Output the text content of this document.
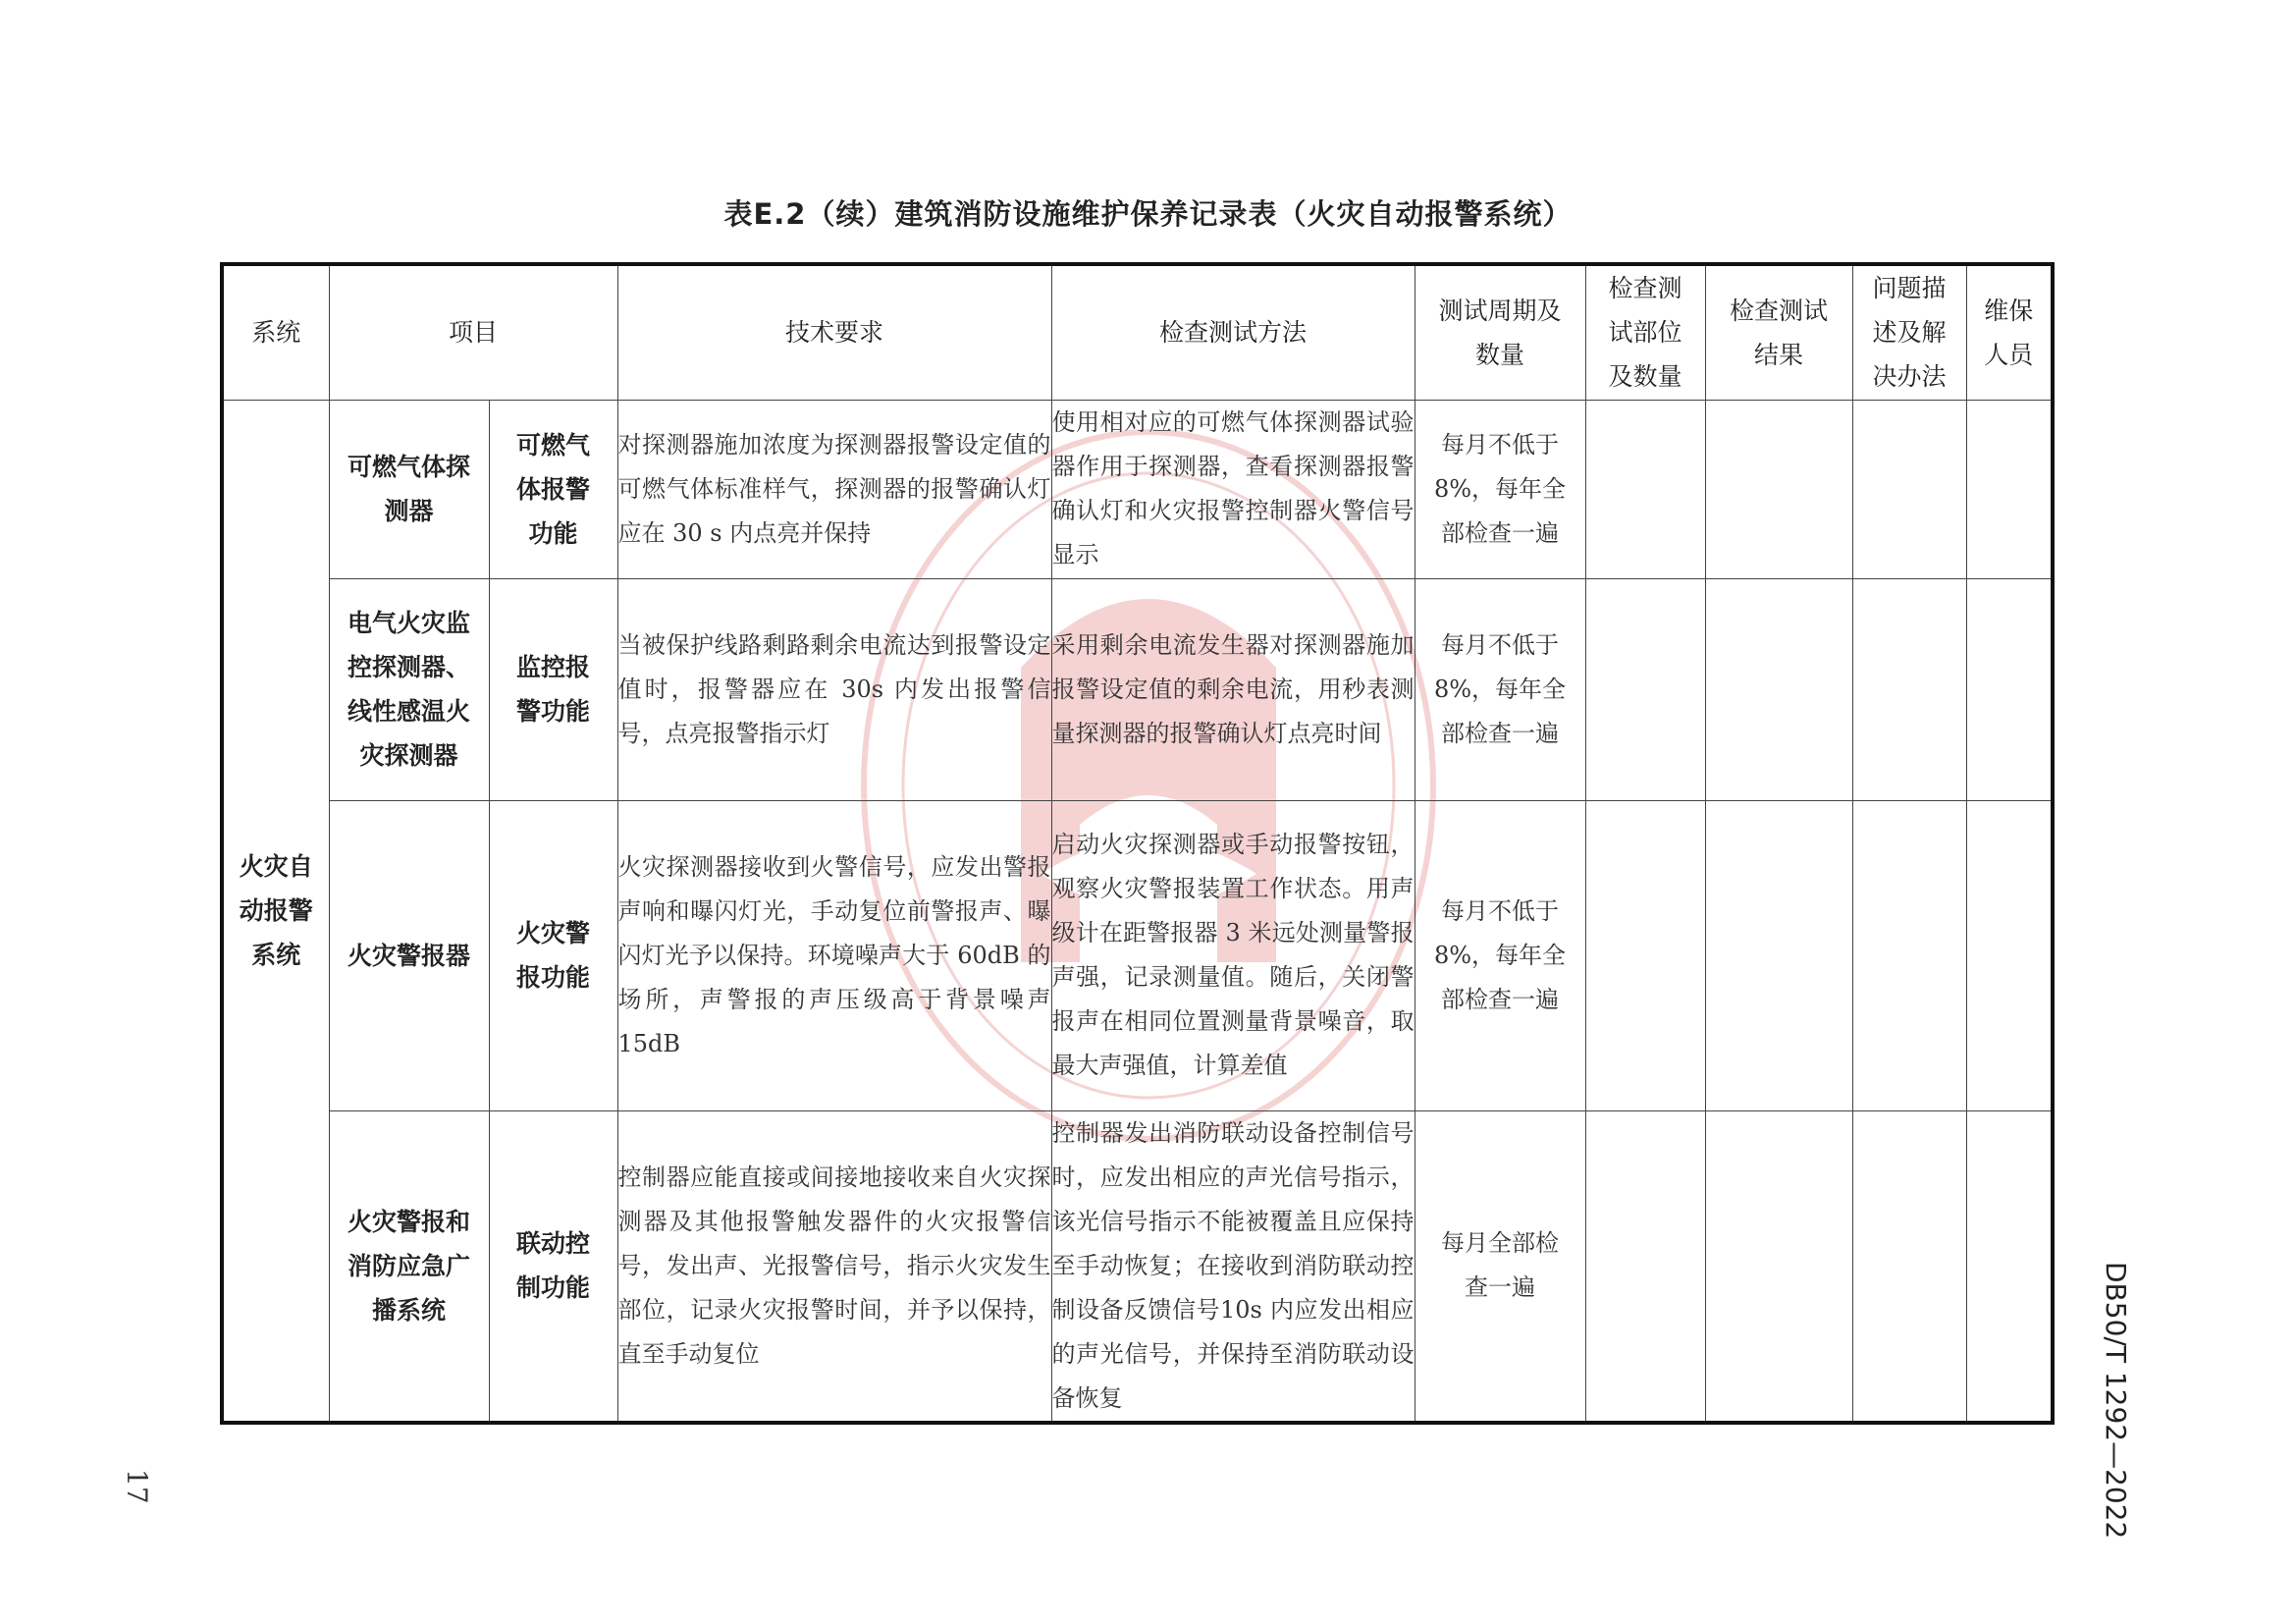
表E.2（续）建筑消防设施维护保养记录表（火灾自动报警系统）
系统	项目		技术要求	检查测试方法	测试周期及数量	检查测试部位及数量	检查测试结果	问题描述及解决办法	维保人员
火灾自动报警系统	可燃气体探测器	可燃气体报警功能	对探测器施加浓度为探测器报警设定值的可燃气体标准样气，探测器的报警确认灯应在 30 s 内点亮并保持	使用相对应的可燃气体探测器试验器作用于探测器，查看探测器报警确认灯和火灾报警控制器火警信号显示	每月不低于8%，每年全部检查一遍				
	电气火灾监控探测器、线性感温火灾探测器	监控报警功能	当被保护线路剩路剩余电流达到报警设定值时，报警器应在 30s 内发出报警信号，点亮报警指示灯	采用剩余电流发生器对探测器施加报警设定值的剩余电流，用秒表测量探测器的报警确认灯点亮时间	每月不低于8%，每年全部检查一遍				
	火灾警报器	火灾警报功能	火灾探测器接收到火警信号，应发出警报声响和曝闪灯光，手动复位前警报声、曝闪灯光予以保持。环境噪声大于 60dB 的场所，声警报的声压级高于背景噪声 15dB	启动火灾探测器或手动报警按钮，观察火灾警报装置工作状态。用声级计在距警报器 3 米远处测量警报声强，记录测量值。随后，关闭警报声在相同位置测量背景噪音，取最大声强值，计算差值	每月不低于8%，每年全部检查一遍				
	火灾警报和消防应急广播系统	联动控制功能	控制器应能直接或间接地接收来自火灾探测器及其他报警触发器件的火灾报警信号，发出声、光报警信号，指示火灾发生部位，记录火灾报警时间，并予以保持，直至手动复位	控制器发出消防联动设备控制信号时，应发出相应的声光信号指示，该光信号指示不能被覆盖且应保持至手动恢复；在接收到消防联动控制设备反馈信号10s 内应发出相应的声光信号，并保持至消防联动设备恢复	每月全部检查一遍				
17	DB50/T 1292—2022
